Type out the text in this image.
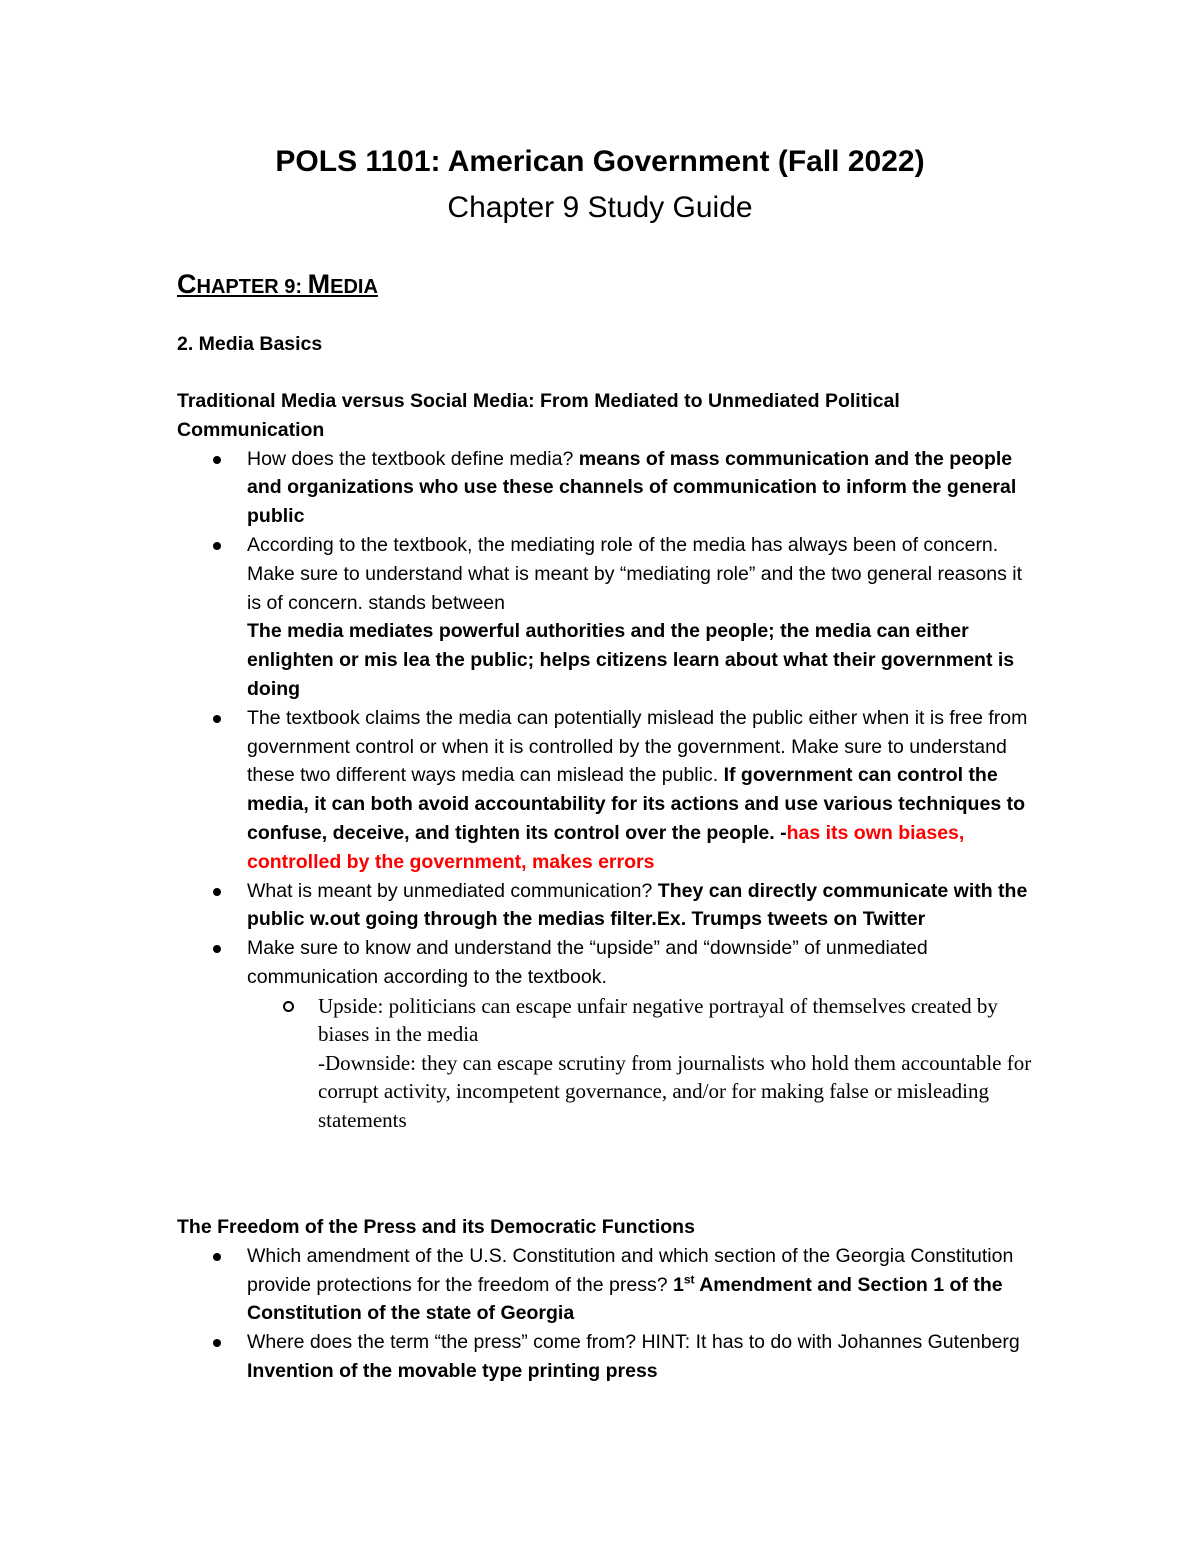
POLS 1101: American Government (Fall 2022)
Chapter 9 Study Guide
CHAPTER 9: MEDIA
2. Media Basics
Traditional Media versus Social Media: From Mediated to Unmediated Political Communication
How does the textbook define media? means of mass communication and the people and organizations who use these channels of communication to inform the general public
According to the textbook, the mediating role of the media has always been of concern. Make sure to understand what is meant by “mediating role” and the two general reasons it is of concern. stands between
The media mediates powerful authorities and the people; the media can either enlighten or mis lea the public; helps citizens learn about what their government is doing
The textbook claims the media can potentially mislead the public either when it is free from government control or when it is controlled by the government. Make sure to understand these two different ways media can mislead the public. If government can control the media, it can both avoid accountability for its actions and use various techniques to confuse, deceive, and tighten its control over the people. -has its own biases, controlled by the government, makes errors
What is meant by unmediated communication? They can directly communicate with the public w.out going through the medias filter.Ex. Trumps tweets on Twitter
Make sure to know and understand the “upside” and “downside” of unmediated communication according to the textbook.
Upside: politicians can escape unfair negative portrayal of themselves created by biases in the media
-Downside: they can escape scrutiny from journalists who hold them accountable for corrupt activity, incompetent governance, and/or for making false or misleading statements
The Freedom of the Press and its Democratic Functions
Which amendment of the U.S. Constitution and which section of the Georgia Constitution provide protections for the freedom of the press? 1st Amendment and Section 1 of the Constitution of the state of Georgia
Where does the term “the press” come from? HINT: It has to do with Johannes Gutenberg Invention of the movable type printing press
